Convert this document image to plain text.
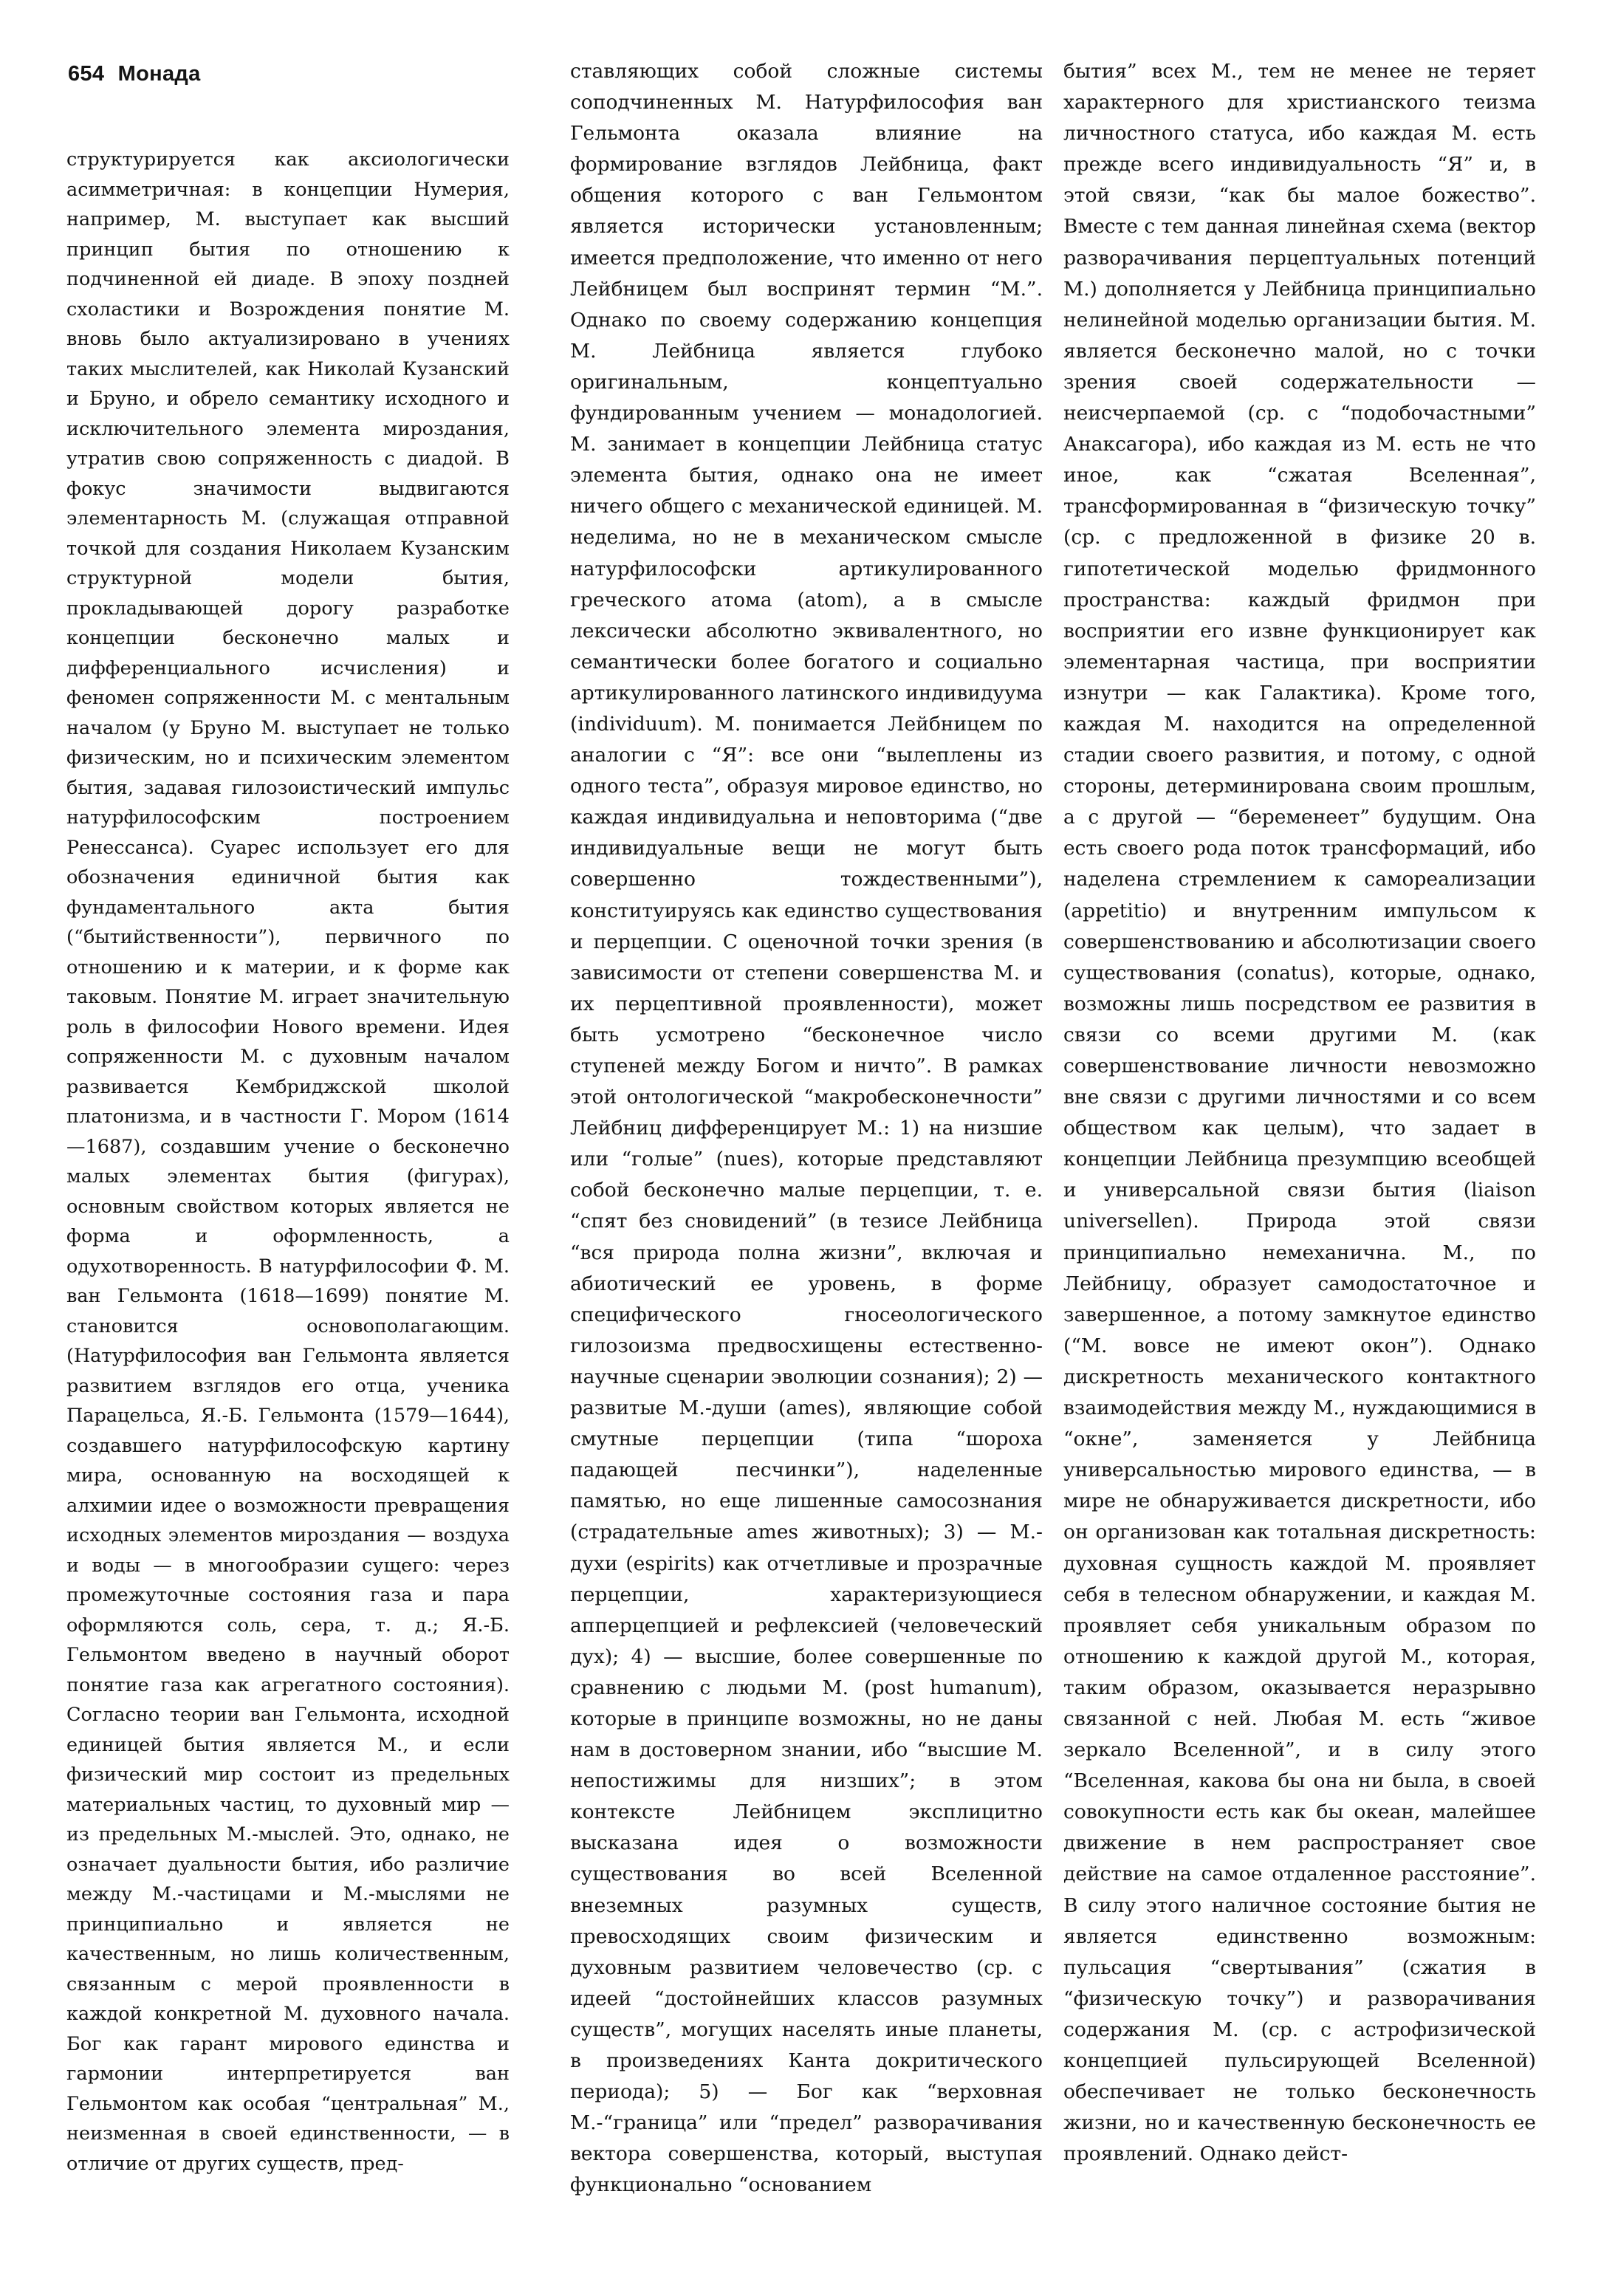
654 Монада

структурируется как аксиологически асимметричная: в концепции Нумерия, например, М. выступает как высший принцип бытия по отношению к подчиненной ей диаде. В эпоху поздней схоластики и Возрождения понятие М. вновь было актуализировано в учениях таких мыслителей, как Николай Кузанский и Бруно, и обрело семантику исходного и исключительного элемента мироздания, утратив свою сопряженность с диадой. В фокус значимости выдвигаются элементарность М. (служащая отправной точкой для создания Николаем Кузанским структурной модели бытия, прокладывающей дорогу разработке концепции бесконечно малых и дифференциального исчисления) и феномен сопряженности М. с ментальным началом (у Бруно М. выступает не только физическим, но и психическим элементом бытия, задавая гилозоистический импульс натурфилософским построением Ренессанса). Суарес использует его для обозначения единичной бытия как фундаментального акта бытия (“бытийственности”), первичного по отношению и к материи, и к форме как таковым. Понятие М. играет значительную роль в философии Нового времени. Идея сопряженности М. с духовным началом развивается Кембриджской школой платонизма, и в частности Г. Мором (1614—1687), создавшим учение о бесконечно малых элементах бытия (фигурах), основным свойством которых является не форма и оформленность, а одухотворенность. В натурфилософии Ф. М. ван Гельмонта (1618—1699) понятие М. становится основополагающим. (Натурфилософия ван Гельмонта является развитием взглядов его отца, ученика Парацельса, Я.-Б. Гельмонта (1579—1644), создавшего натурфилософскую картину мира, основанную на восходящей к алхимии идее о возможности превращения исходных элементов мироздания — воздуха и воды — в многообразии сущего: через промежуточные состояния газа и пара оформляются соль, сера, т. д.; Я.-Б. Гельмонтом введено в научный оборот понятие газа как агрегатного состояния). Согласно теории ван Гельмонта, исходной единицей бытия является М., и если физический мир состоит из предельных материальных частиц, то духовный мир — из предельных М.-мыслей. Это, однако, не означает дуальности бытия, ибо различие между М.-частицами и М.-мыслями не принципиально и является не качественным, но лишь количественным, связанным с мерой проявленности в каждой конкретной М. духовного начала. Бог как гарант мирового единства и гармонии интерпретируется ван Гельмонтом как особая “центральная” М., неизменная в своей единственности, — в отличие от других существ, пред-

ставляющих собой сложные системы соподчиненных М. Натурфилософия ван Гельмонта оказала влияние на формирование взглядов Лейбница, факт общения которого с ван Гельмонтом является исторически установленным; имеется предположение, что именно от него Лейбницем был воспринят термин “М.”. Однако по своему содержанию концепция М. Лейбница является глубоко оригинальным, концептуально фундированным учением — монадологией. М. занимает в концепции Лейбница статус элемента бытия, однако она не имеет ничего общего с механической единицей. М. неделима, но не в механическом смысле натурфилософски артикулированного греческого атома (atom), а в смысле лексически абсолютно эквивалентного, но семантически более богатого и социально артикулированного латинского индивидуума (individuum). М. понимается Лейбницем по аналогии с “Я”: все они “вылеплены из одного теста”, образуя мировое единство, но каждая индивидуальна и неповторима (“две индивидуальные вещи не могут быть совершенно тождественными”), конституируясь как единство существования и перцепции. С оценочной точки зрения (в зависимости от степени совершенства М. и их перцептивной проявленности), может быть усмотрено “бесконечное число ступеней между Богом и ничто”. В рамках этой онтологической “макробесконечности” Лейбниц дифференцирует М.: 1) на низшие или “голые” (nues), которые представляют собой бесконечно малые перцепции, т. е. “спят без сновидений” (в тезисе Лейбница “вся природа полна жизни”, включая и абиотический ее уровень, в форме специфического гносеологического гилозоизма предвосхищены естественно-научные сценарии эволюции сознания); 2) — развитые М.-души (ames), являющие собой смутные перцепции (типа “шороха падающей песчинки”), наделенные памятью, но еще лишенные самосознания (страдательные ames животных); 3) — М.-духи (espirits) как отчетливые и прозрачные перцепции, характеризующиеся апперцепцией и рефлексией (человеческий дух); 4) — высшие, более совершенные по сравнению с людьми М. (post humanum), которые в принципе возможны, но не даны нам в достоверном знании, ибо “высшие М. непостижимы для низших”; в этом контексте Лейбницем эксплицитно высказана идея о возможности существования во всей Вселенной внеземных разумных существ, превосходящих своим физическим и духовным развитием человечество (ср. с идеей “достойнейших классов разумных существ”, могущих населять иные планеты, в произведениях Канта докритического периода); 5) — Бог как “верховная М.-“граница” или “предел” разворачивания вектора совершенства, который, выступая функционально “основанием

бытия” всех М., тем не менее не теряет характерного для христианского теизма личностного статуса, ибо каждая М. есть прежде всего индивидуальность “Я” и, в этой связи, “как бы малое божество”. Вместе с тем данная линейная схема (вектор разворачивания перцептуальных потенций М.) дополняется у Лейбница принципиально нелинейной моделью организации бытия. М. является бесконечно малой, но с точки зрения своей содержательности — неисчерпаемой (ср. с “подобочастными” Анаксагора), ибо каждая из М. есть не что иное, как “сжатая Вселенная”, трансформированная в “физическую точку” (ср. с предложенной в физике 20 в. гипотетической моделью фридмонного пространства: каждый фридмон при восприятии его извне функционирует как элементарная частица, при восприятии изнутри — как Галактика). Кроме того, каждая М. находится на определенной стадии своего развития, и потому, с одной стороны, детерминирована своим прошлым, а с другой — “беременеет” будущим. Она есть своего рода поток трансформаций, ибо наделена стремлением к самореализации (appetitio) и внутренним импульсом к совершенствованию и абсолютизации своего существования (conatus), которые, однако, возможны лишь посредством ее развития в связи со всеми другими М. (как совершенствование личности невозможно вне связи с другими личностями и со всем обществом как целым), что задает в концепции Лейбница презумпцию всеобщей и универсальной связи бытия (liaison universellen). Природа этой связи принципиально немеханична. М., по Лейбницу, образует самодостаточное и завершенное, а потому замкнутое единство (“М. вовсе не имеют окон”). Однако дискретность механического контактного взаимодействия между М., нуждающимися в “окне”, заменяется у Лейбница универсальностью мирового единства, — в мире не обнаруживается дискретности, ибо он организован как тотальная дискретность: духовная сущность каждой М. проявляет себя в телесном обнаружении, и каждая М. проявляет себя уникальным образом по отношению к каждой другой М., которая, таким образом, оказывается неразрывно связанной с ней. Любая М. есть “живое зеркало Вселенной”, и в силу этого “Вселенная, какова бы она ни была, в своей совокупности есть как бы океан, малейшее движение в нем распространяет свое действие на самое отдаленное расстояние”. В силу этого наличное состояние бытия не является единственно возможным: пульсация “свертывания” (сжатия в “физическую точку”) и разворачивания содержания М. (ср. с астрофизической концепцией пульсирующей Вселенной) обеспечивает не только бесконечность жизни, но и качественную бесконечность ее проявлений. Однако дейст-
